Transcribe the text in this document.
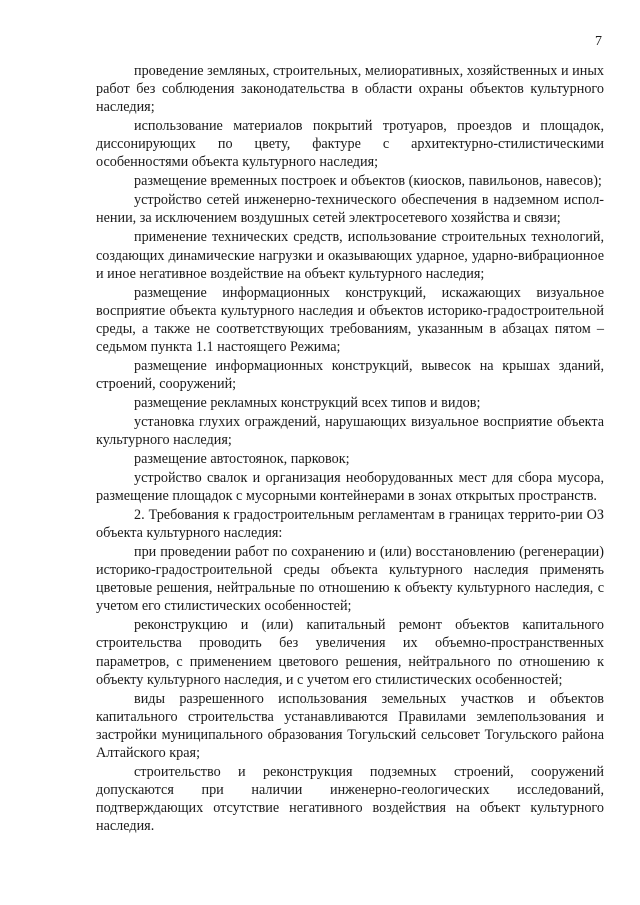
7

проведение земляных, строительных, мелиоративных, хозяйственных и иных работ без соблюдения законодательства в области охраны объектов культурного наследия;

использование материалов покрытий тротуаров, проездов и площадок, диссонирующих по цвету, фактуре с архитектурно-стилистическими особенностями объекта культурного наследия;

размещение временных построек и объектов (киосков, павильонов, навесов);

устройство сетей инженерно-технического обеспечения в надземном испол-нении, за исключением воздушных сетей электросетевого хозяйства и связи;

применение технических средств, использование строительных технологий, создающих динамические нагрузки и оказывающих ударное, ударно-вибрационное и иное негативное воздействие на объект культурного наследия;

размещение информационных конструкций, искажающих визуальное восприятие объекта культурного наследия и объектов историко-градостроительной среды, а также не соответствующих требованиям, указанным в абзацах пятом – седьмом пункта 1.1 настоящего Режима;

размещение информационных конструкций, вывесок на крышах зданий, строений, сооружений;

размещение рекламных конструкций всех типов и видов;

установка глухих ограждений, нарушающих визуальное восприятие объекта культурного наследия;

размещение автостоянок, парковок;

устройство свалок и организация необорудованных мест для сбора мусора, размещение площадок с мусорными контейнерами в зонах открытых пространств.

2. Требования к градостроительным регламентам в границах террито-рии ОЗ объекта культурного наследия:

при проведении работ по сохранению и (или) восстановлению (регенерации) историко-градостроительной среды объекта культурного наследия применять цветовые решения, нейтральные по отношению к объекту культурного наследия, с учетом его стилистических особенностей;

реконструкцию и (или) капитальный ремонт объектов капитального строительства проводить без увеличения их объемно-пространственных параметров, с применением цветового решения, нейтрального по отношению к объекту культурного наследия, и с учетом его стилистических особенностей;

виды разрешенного использования земельных участков и объектов капитального строительства устанавливаются Правилами землепользования и застройки муниципального образования Тогульский сельсовет Тогульского района Алтайского края;

строительство и реконструкция подземных строений, сооружений допускаются при наличии инженерно-геологических исследований, подтверждающих отсутствие негативного воздействия на объект культурного наследия.
